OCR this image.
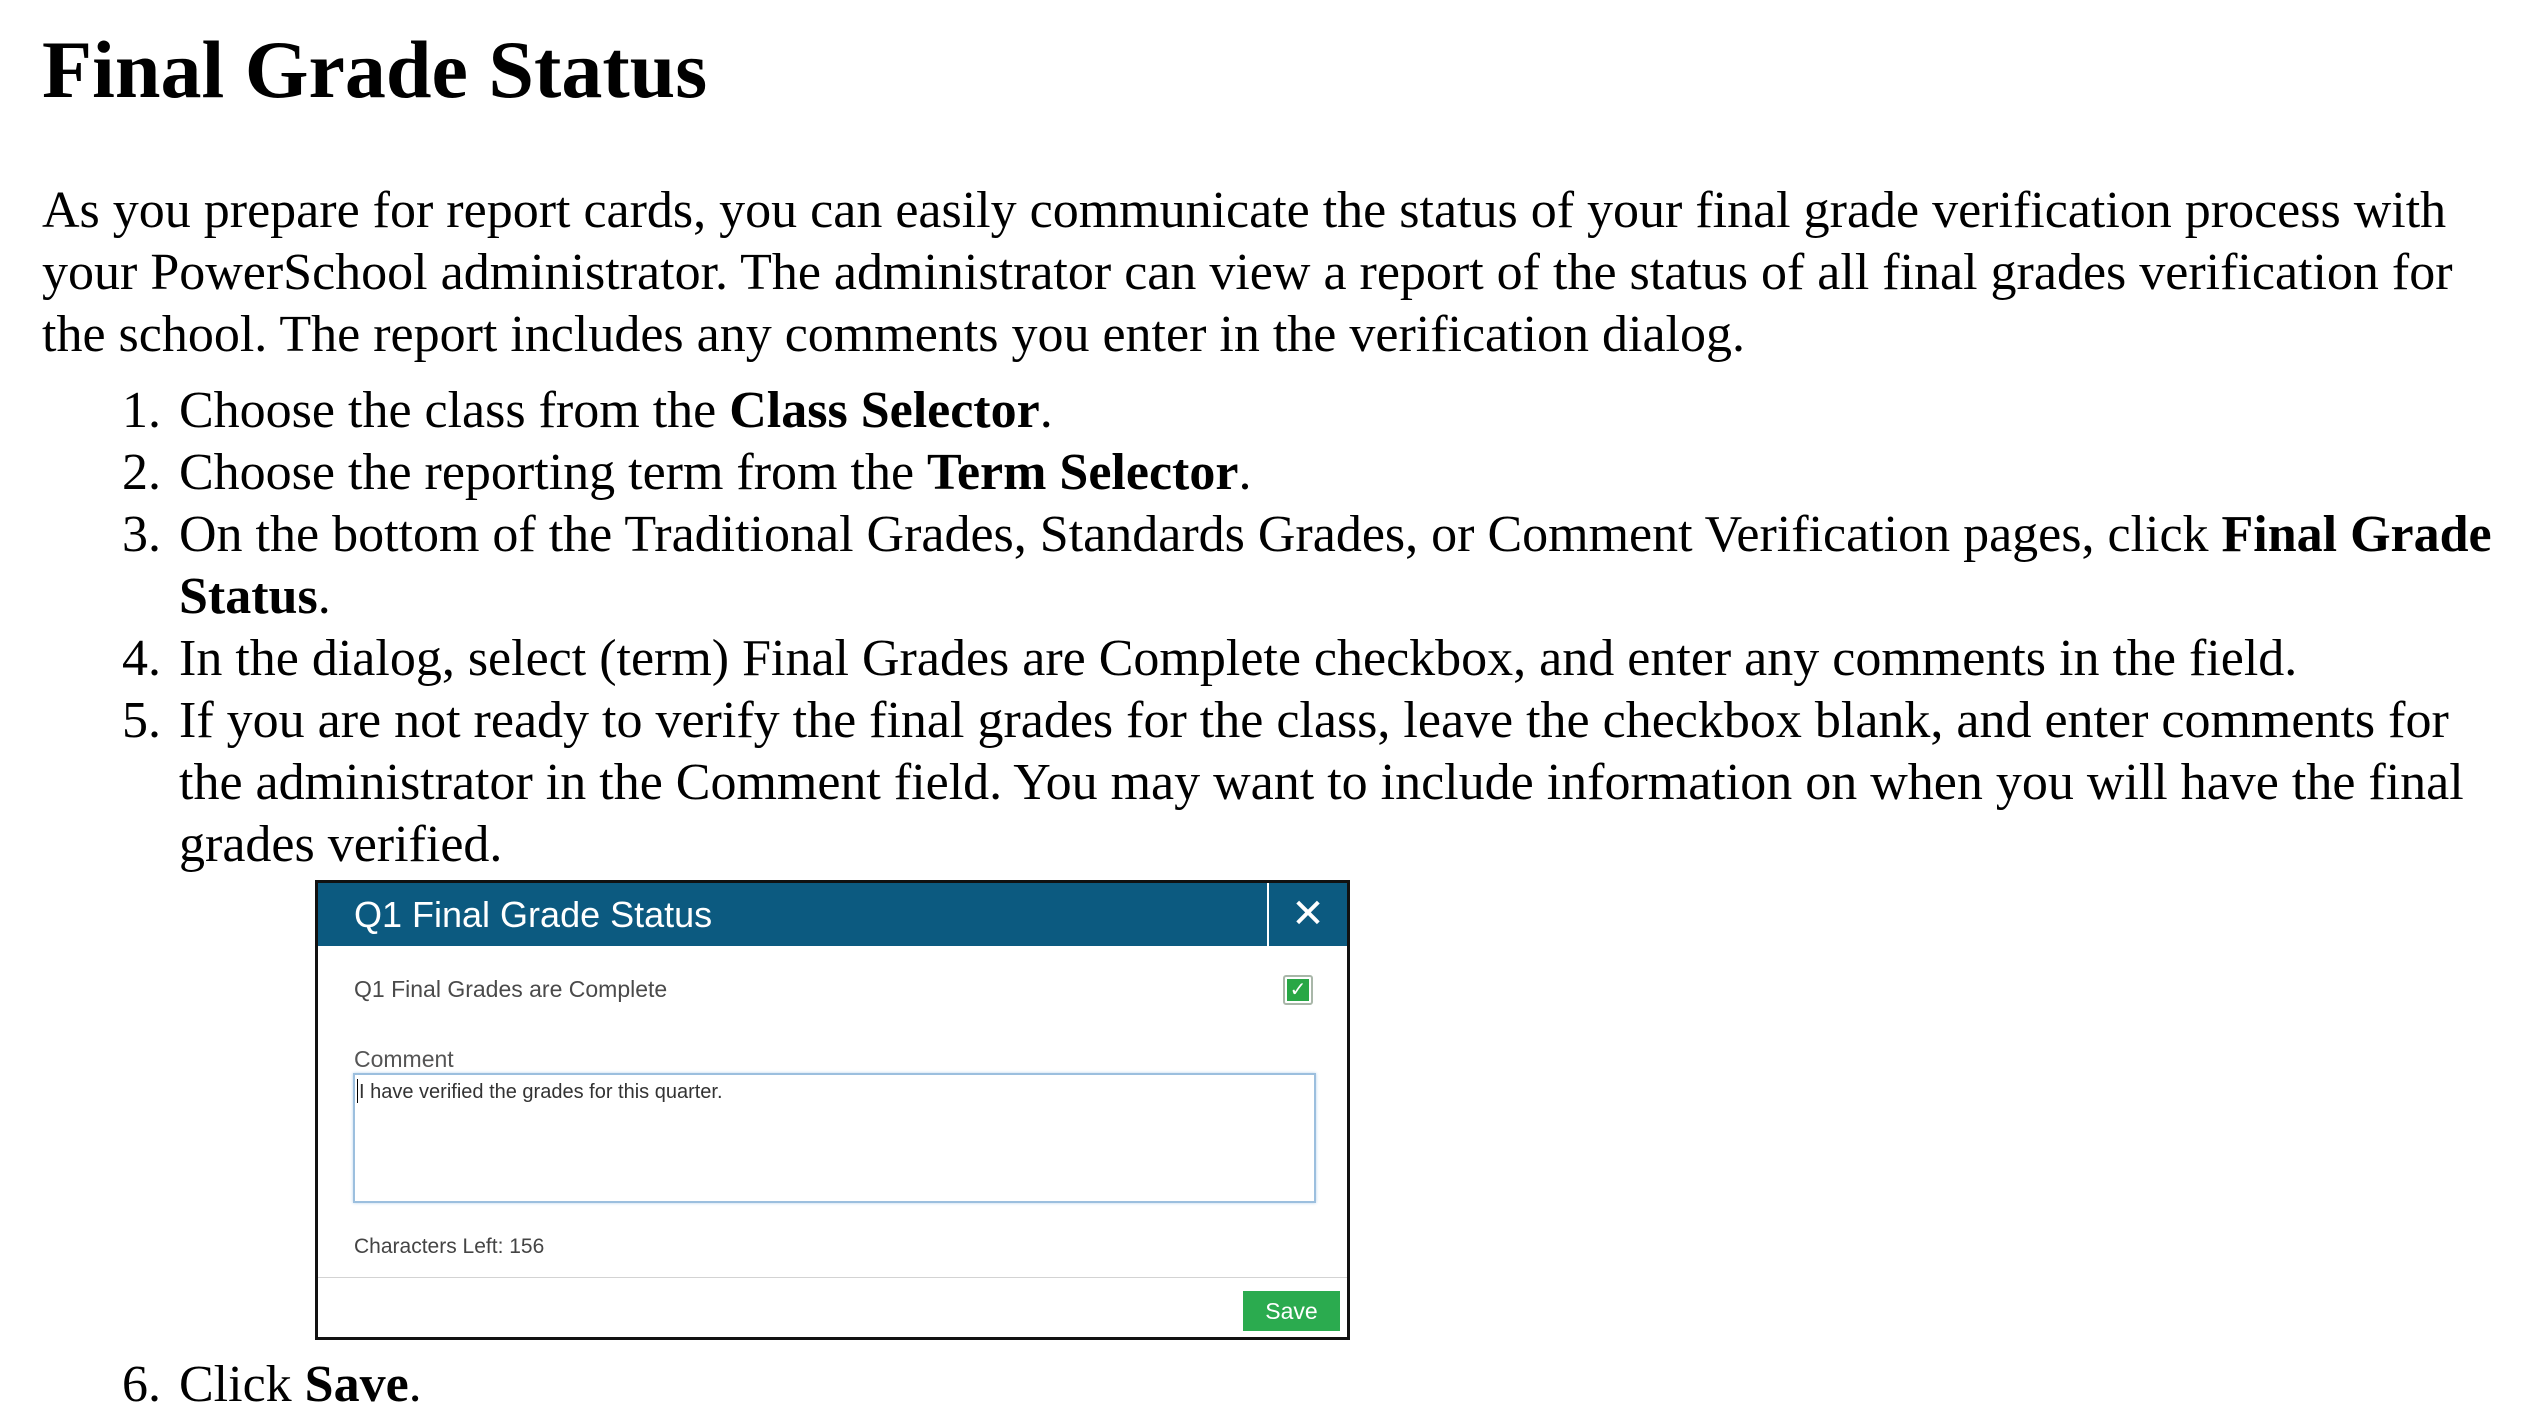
Final Grade Status

As you prepare for report cards, you can easily communicate the status of your final grade verification process with your PowerSchool administrator. The administrator can view a report of the status of all final grades verification for the school. The report includes any comments you enter in the verification dialog.

1. Choose the class from the Class Selector.
2. Choose the reporting term from the Term Selector.
3. On the bottom of the Traditional Grades, Standards Grades, or Comment Verification pages, click Final Grade Status.
4. In the dialog, select (term) Final Grades are Complete checkbox, and enter any comments in the field.
5. If you are not ready to verify the final grades for the class, leave the checkbox blank, and enter comments for the administrator in the Comment field. You may want to include information on when you will have the final grades verified.
6. Click Save.
Q1 Final Grade Status	✕
Q1 Final Grades are Complete	✓
Comment
I have verified the grades for this quarter.
Characters Left: 156
Save
